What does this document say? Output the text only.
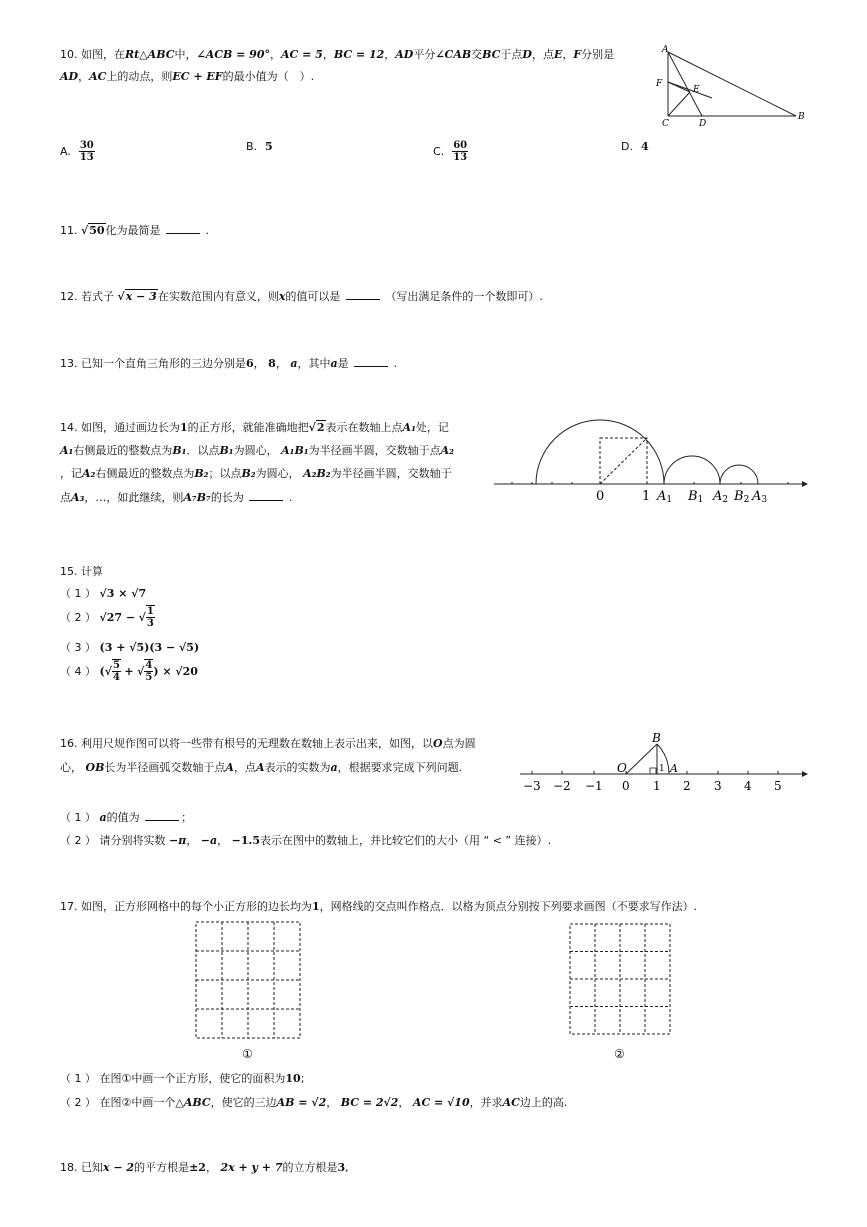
10. 如图，在Rt△ABC中，∠ACB = 90°，AC = 5，BC = 12，AD平分∠CAB交BC于点D，点E，F分别是
AD，AC上的动点，则EC + EF的最小值为（　）.
A
F
E
C	D
B
A. $\frac{30}{13}$	B. 5	C. $\frac{60}{13}$	D. 4
11. √50化为最简是	.
12. 若式子 √x − 3在实数范围内有意义，则x的值可以是	（写出满足条件的一个数即可）.
13. 已知一个直角三角形的三边分别是6， 8， a，其中a是	.
14. 如图，通过画边长为1的正方形，就能准确地把√2表示在数轴上点A₁处，记
A₁右侧最近的整数点为B₁．以点B₁为圆心， A₁B₁为半径画半圆，交数轴于点A₂
，记A₂右侧最近的整数点为B₂；以点B₂为圆心， A₂B₂为半径画半圆，交数轴于
点A₃，…，如此继续，则A₇B₇的长为	.	0	1 A1 B1 A2 B2 A3
15. 计算
（ 1 ） √3 × √7
（ 2 ）
√27 −
√ $\frac{1}{3}$
（ 3 ） (3 + √5)(3 − √5)
（ 4 ）
( √ $\frac{5}{4}$
+
√ $\frac{4}{5}$ ) × √20
16. 利用尺规作图可以将一些带有根号的无理数在数轴上表示出来，如图，以O点为圆
心， OB长为半径画弧交数轴于点A，点A表示的实数为a，根据要求完成下列问题.
B
O	A
1
−3 −2 −1 0 1 2 3 4 5
（ 1 ） a的值为	；
（ 2 ） 请分别将实数 −π， −a， −1.5表示在图中的数轴上，并比较它们的大小（用 “ < ” 连接）.
17. 如图，正方形网格中的每个小正方形的边长均为1，网格线的交点叫作格点．以格为顶点分别按下列要求画图（不要求写作法）.
①	②
（ 1 ） 在图①中画一个正方形，使它的面积为10;
（ 2 ） 在图②中画一个△ABC，使它的三边AB = √2， BC = 2√2， AC = √10，并求AC边上的高.
18. 已知x − 2的平方根是±2， 2x + y + 7的立方根是3,
